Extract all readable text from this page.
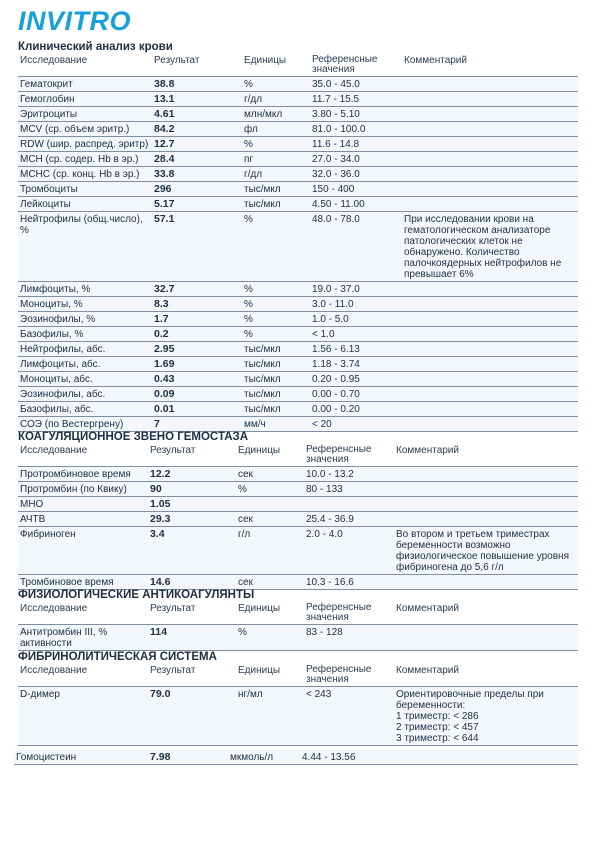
INVITRO
Клинический анализ крови
Исследование	Результат	Единицы	Референсные значения	Комментарий
Гематокрит	38.8	%	35.0 - 45.0	
Гемоглобин	13.1	г/дл	11.7 - 15.5	
Эритроциты	4.61	млн/мкл	3.80 - 5.10	
MCV (ср. объем эритр.)	84.2	фл	81.0 - 100.0	
RDW (шир. распред. эритр)	12.7	%	11.6 - 14.8	
MCH (ср. содер. Hb в эр.)	28.4	пг	27.0 - 34.0	
MCHC (ср. конц. Hb в эр.)	33.8	г/дл	32.0 - 36.0	
Тромбоциты	296	тыс/мкл	150 - 400	
Лейкоциты	5.17	тыс/мкл	4.50 - 11.00	
Нейтрофилы (общ.число), %	57.1	%	48.0 - 78.0	При исследовании крови на гематологическом анализаторе патологических клеток не обнаружено. Количество палочкоядерных нейтрофилов не превышает 6%
Лимфоциты, %	32.7	%	19.0 - 37.0	
Моноциты, %	8.3	%	3.0 - 11.0	
Эозинофилы, %	1.7	%	1.0 - 5.0	
Базофилы, %	0.2	%	< 1.0	
Нейтрофилы, абс.	2.95	тыс/мкл	1.56 - 6.13	
Лимфоциты, абс.	1.69	тыс/мкл	1.18 - 3.74	
Моноциты, абс.	0.43	тыс/мкл	0.20 - 0.95	
Эозинофилы, абс.	0.09	тыс/мкл	0.00 - 0.70	
Базофилы, абс.	0.01	тыс/мкл	0.00 - 0.20	
СОЭ (по Вестергрену)	7	мм/ч	< 20	
КОАГУЛЯЦИОННОЕ ЗВЕНО ГЕМОСТАЗА
Исследование	Результат	Единицы	Референсные значения	Комментарий
Протромбиновое время	12.2	сек	10.0 - 13.2	
Протромбин (по Квику)	90	%	80 - 133	
МНО	1.05			
АЧТВ	29.3	сек	25.4 - 36.9	
Фибриноген	3.4	г/л	2.0 - 4.0	Во втором и третьем триместрах беременности возможно физиологическое повышение уровня фибриногена до 5,6 г/л
Тромбиновое время	14.6	сек	10.3 - 16.6	
ФИЗИОЛОГИЧЕСКИЕ АНТИКОАГУЛЯНТЫ
Исследование	Результат	Единицы	Референсные значения	Комментарий
Антитромбин III, % активности	114	%	83 - 128	
ФИБРИНОЛИТИЧЕСКАЯ СИСТЕМА
Исследование	Результат	Единицы	Референсные значения	Комментарий
D-димер	79.0	нг/мл	< 243	Ориентировочные пределы при беременности:
1 триместр: < 286
2 триместр: < 457
3 триместр: < 644
Гомоцистеин	7.98	мкмоль/л	4.44 - 13.56	
